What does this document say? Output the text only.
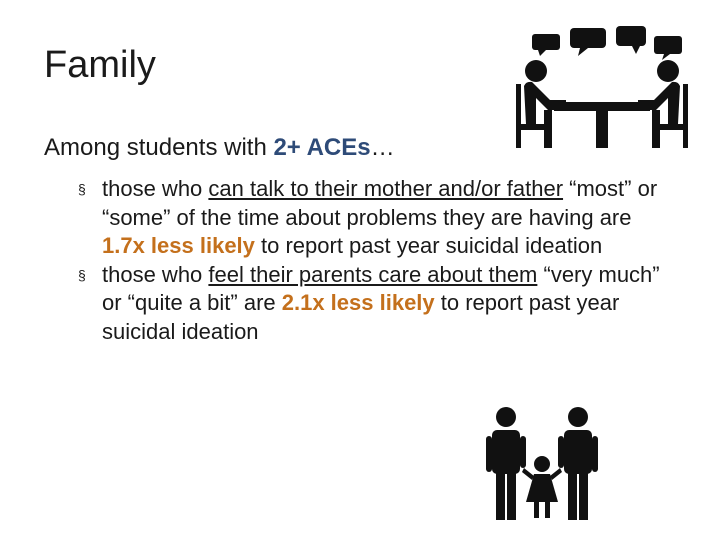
Family

Among students with 2+ ACEs…

§ those who can talk to their mother and/or father “most” or “some” of the time about problems they are having are 1.7x less likely to report past year suicidal ideation
§ those who feel their parents care about them “very much” or “quite a bit” are 2.1x less likely to report past year suicidal ideation
